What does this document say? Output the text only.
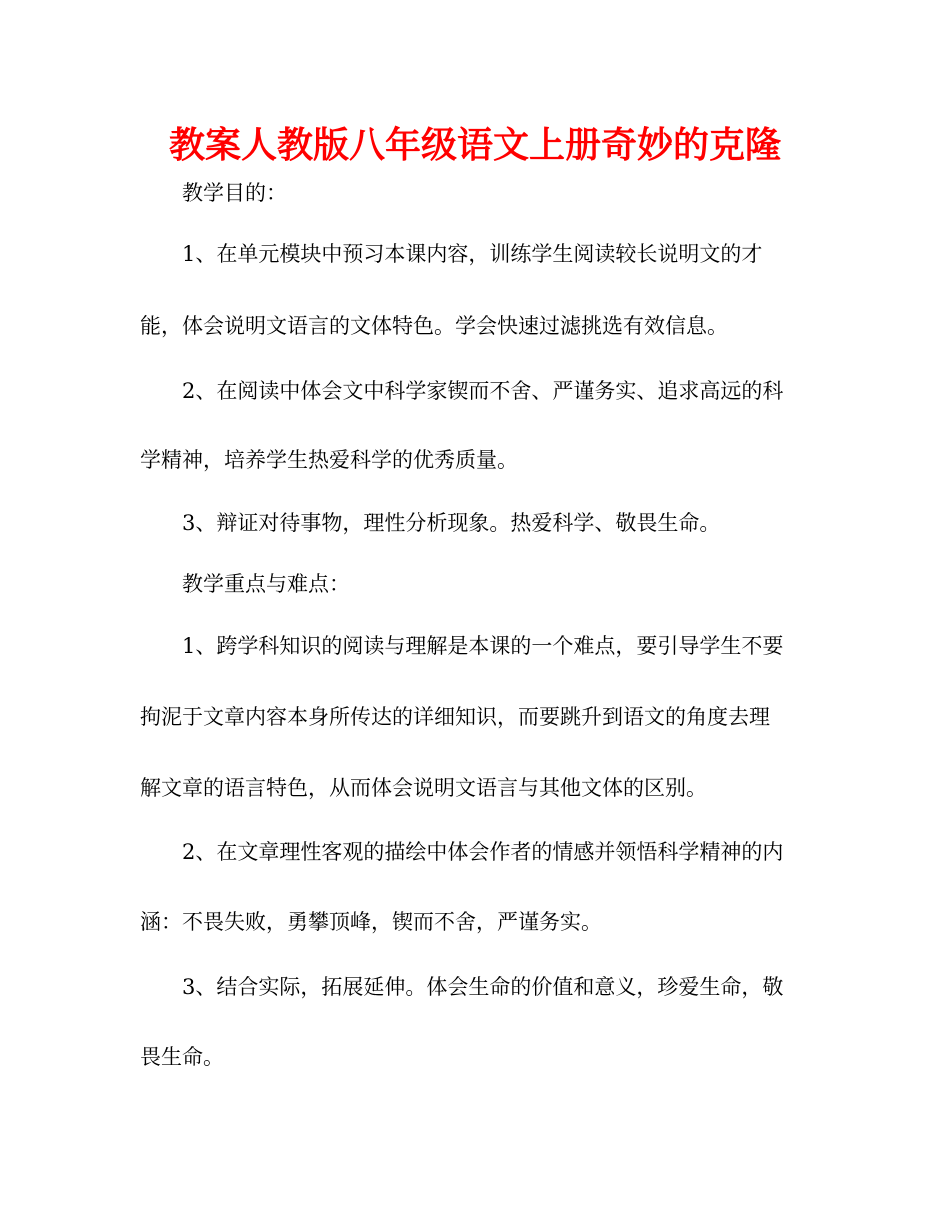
教案人教版八年级语文上册奇妙的克隆
教学目的：
1、在单元模块中预习本课内容，训练学生阅读较长说明文的才
能，体会说明文语言的文体特色。学会快速过滤挑选有效信息。
2、在阅读中体会文中科学家锲而不舍、严谨务实、追求高远的科
学精神，培养学生热爱科学的优秀质量。
3、辩证对待事物，理性分析现象。热爱科学、敬畏生命。
教学重点与难点：
1、跨学科知识的阅读与理解是本课的一个难点，要引导学生不要
拘泥于文章内容本身所传达的详细知识，而要跳升到语文的角度去理
解文章的语言特色，从而体会说明文语言与其他文体的区别。
2、在文章理性客观的描绘中体会作者的情感并领悟科学精神的内
涵：不畏失败，勇攀顶峰，锲而不舍，严谨务实。
3、结合实际，拓展延伸。体会生命的价值和意义，珍爱生命，敬
畏生命。
